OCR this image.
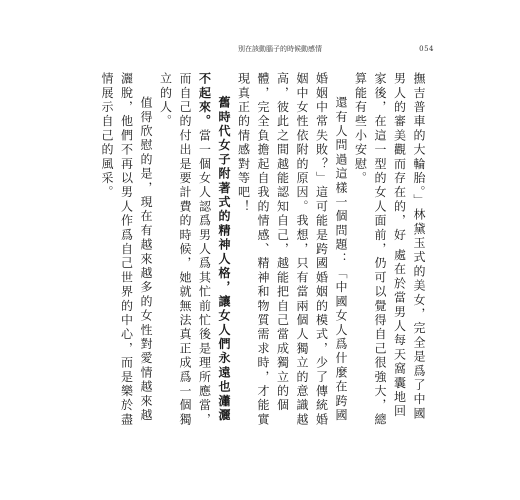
別在該動腦子的時候動感情	054

撫吉普車的大輪胎。」林黛玉式的美女，完全是爲了中國男人的審美觀而存在的，好 處在於當男人每天窩囊地回家後，在這一型的女人面前，仍可以覺得自己很強大，總算能有些小安慰。

還有人問過這樣一個問題：「中國女人爲什麼在跨國婚姻中常失敗？」這可能是跨國婚姻的模式，少了傳統婚姻中女性依附的原因。我想，只有當兩個人獨立的意識越高，彼此之間越能認知自己，越能把自己當成獨立的個體，完全負擔起自我的情感、精神和物質需求時，才能實現真正的情感對等吧！

舊時代女子附著式的精神人格，讓女人們永遠也瀟灑不起來。當一個女人認爲男人爲其忙前忙後是理所應當，而自己的付出是要計費的時候，她就無法真正成爲一個獨立的人。

值得欣慰的是，現在有越來越多的女性對愛情越來越灑脫，他們不再以男人作爲自己世界的中心，而是樂於盡情展示自己的風采。
